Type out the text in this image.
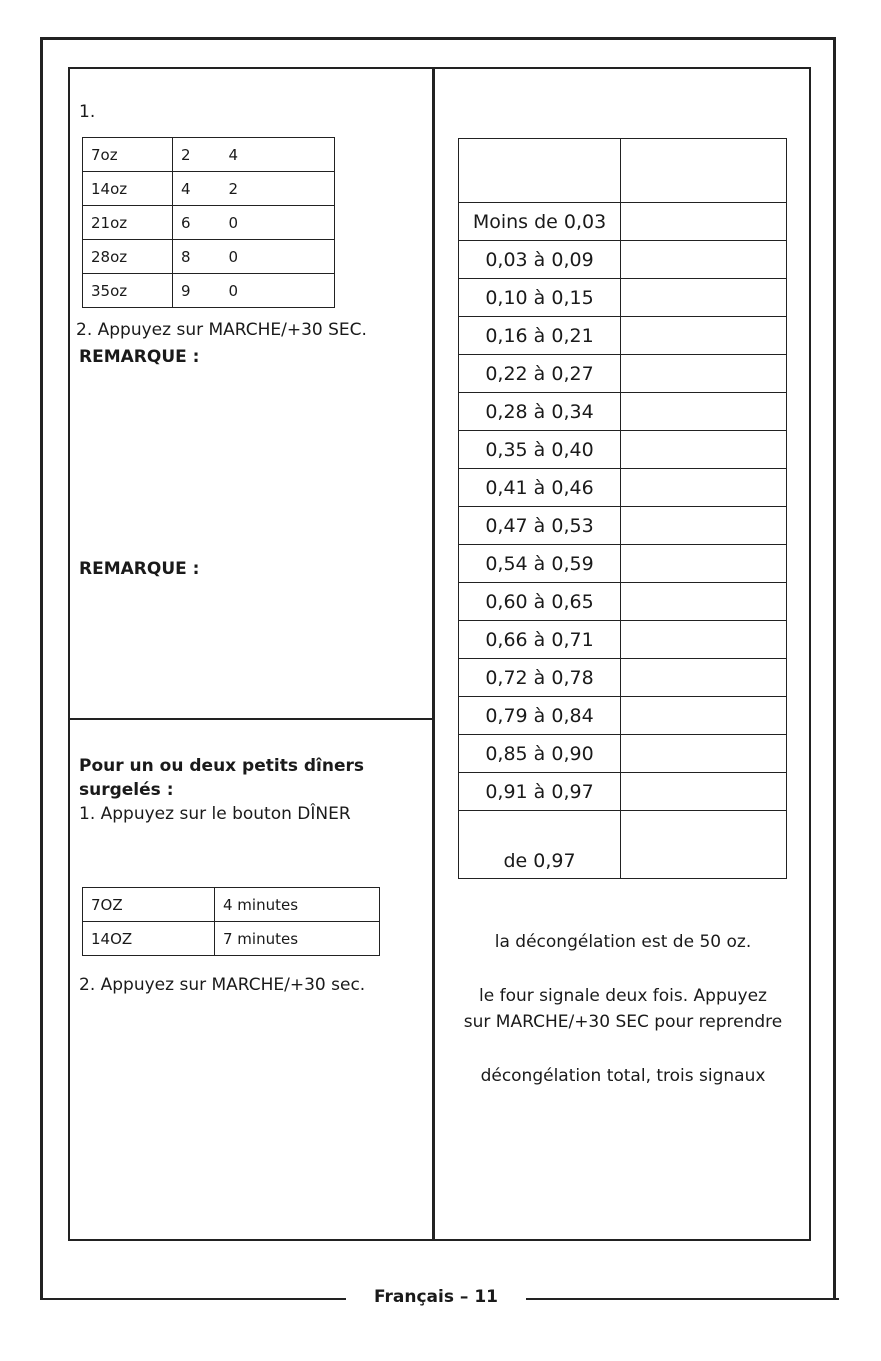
Français – 11
1.
7oz	2 4
14oz	4 2
21oz	6 0
28oz	8 0
35oz	9 0
2. Appuyez sur MARCHE/+30 SEC.
REMARQUE :
REMARQUE :
Pour un ou deux petits dîners
surgelés :
1. Appuyez sur le bouton DÎNER
7OZ	4 minutes
14OZ	7 minutes
2. Appuyez sur MARCHE/+30 sec.

Moins de 0,03	
0,03 à 0,09	
0,10 à 0,15	
0,16 à 0,21	
0,22 à 0,27	
0,28 à 0,34	
0,35 à 0,40	
0,41 à 0,46	
0,47 à 0,53	
0,54 à 0,59	
0,60 à 0,65	
0,66 à 0,71	
0,72 à 0,78	
0,79 à 0,84	
0,85 à 0,90	
0,91 à 0,97	
de 0,97	
la décongélation est de 50 oz.
le four signale deux fois. Appuyez
sur MARCHE/+30 SEC pour reprendre
décongélation total, trois signaux
